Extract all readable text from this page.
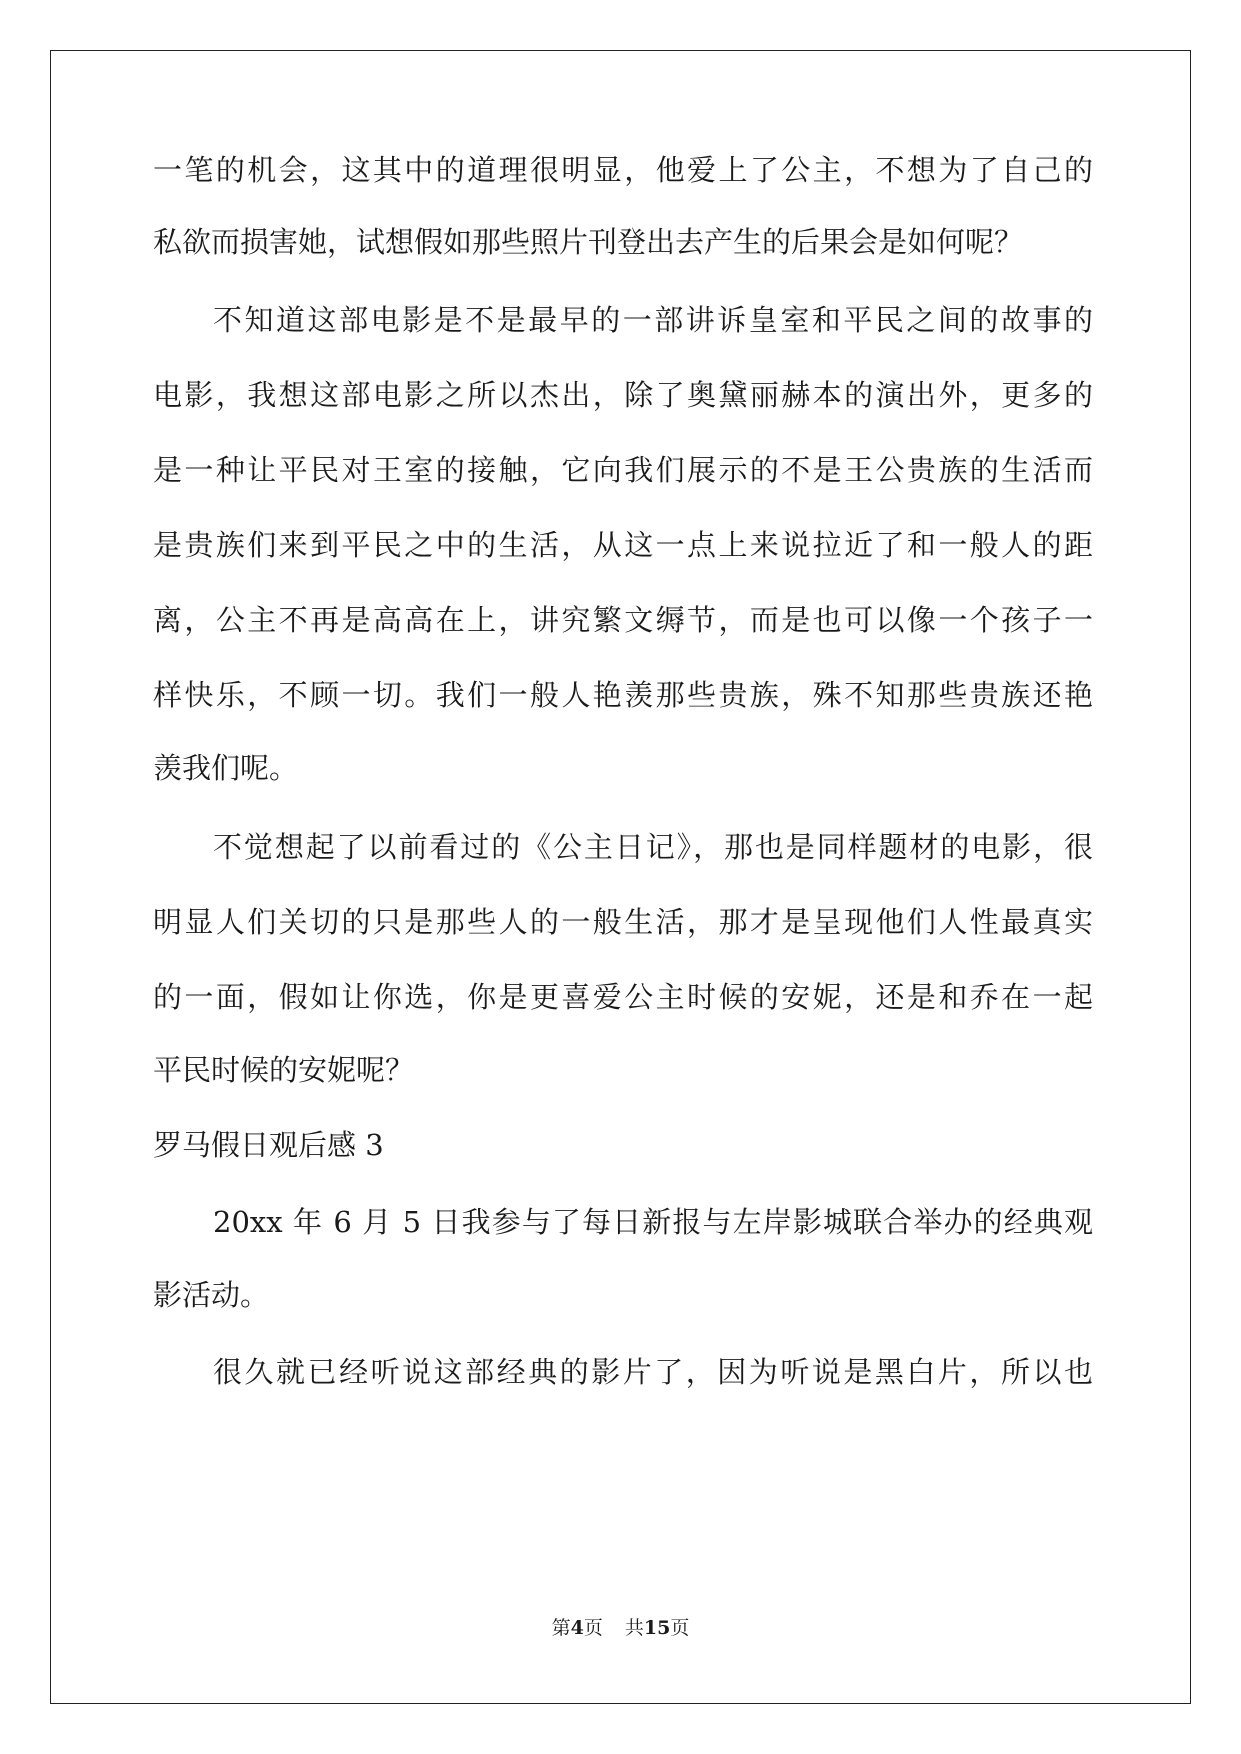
一笔的机会，这其中的道理很明显，他爱上了公主，不想为了自己的
私欲而损害她，试想假如那些照片刊登出去产生的后果会是如何呢？
不知道这部电影是不是最早的一部讲诉皇室和平民之间的故事的
电影，我想这部电影之所以杰出，除了奥黛丽赫本的演出外，更多的
是一种让平民对王室的接触，它向我们展示的不是王公贵族的生活而
是贵族们来到平民之中的生活，从这一点上来说拉近了和一般人的距
离，公主不再是高高在上，讲究繁文缛节，而是也可以像一个孩子一
样快乐，不顾一切。我们一般人艳羡那些贵族，殊不知那些贵族还艳
羡我们呢。
不觉想起了以前看过的《公主日记》，那也是同样题材的电影，很
明显人们关切的只是那些人的一般生活，那才是呈现他们人性最真实
的一面，假如让你选，你是更喜爱公主时候的安妮，还是和乔在一起
平民时候的安妮呢？
罗马假日观后感 3
20xx 年 6 月 5 日我参与了每日新报与左岸影城联合举办的经典观
影活动。
很久就已经听说这部经典的影片了，因为听说是黑白片，所以也
第4页 共15页
